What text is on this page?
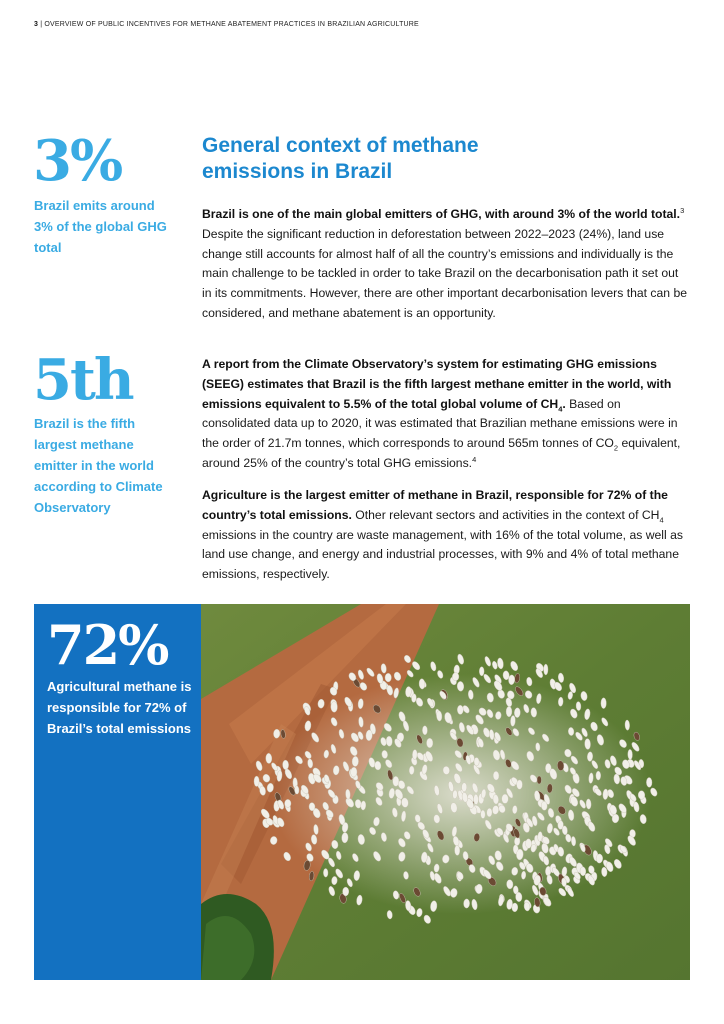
3 | OVERVIEW OF PUBLIC INCENTIVES FOR METHANE ABATEMENT PRACTICES IN BRAZILIAN AGRICULTURE
3%
Brazil emits around 3% of the global GHG total
5th
Brazil is the fifth largest methane emitter in the world according to Climate Observatory
General context of methane emissions in Brazil
Brazil is one of the main global emitters of GHG, with around 3% of the world total.$^3$ Despite the significant reduction in deforestation between 2022–2023 (24%), land use change still accounts for almost half of all the country’s emissions and individually is the main challenge to be tackled in order to take Brazil on the decarbonisation path it set out in its commitments. However, there are other important decarbonisation levers that can be considered, and methane abatement is an opportunity.
A report from the Climate Observatory’s system for estimating GHG emissions (SEEG) estimates that Brazil is the fifth largest methane emitter in the world, with emissions equivalent to 5.5% of the total global volume of $CH_4$. Based on consolidated data up to 2020, it was estimated that Brazilian methane emissions were in the order of 21.7m tonnes, which corresponds to around 565m tonnes of $CO_2$ equivalent, around 25% of the country’s total GHG emissions.$^4$
Agriculture is the largest emitter of methane in Brazil, responsible for 72% of the country’s total emissions. Other relevant sectors and activities in the context of $CH_4$ emissions in the country are waste management, with 16% of the total volume, as well as land use change, and energy and industrial processes, with 9% and 4% of total methane emissions, respectively.
72%
Agricultural methane is responsible for 72% of Brazil’s total emissions
